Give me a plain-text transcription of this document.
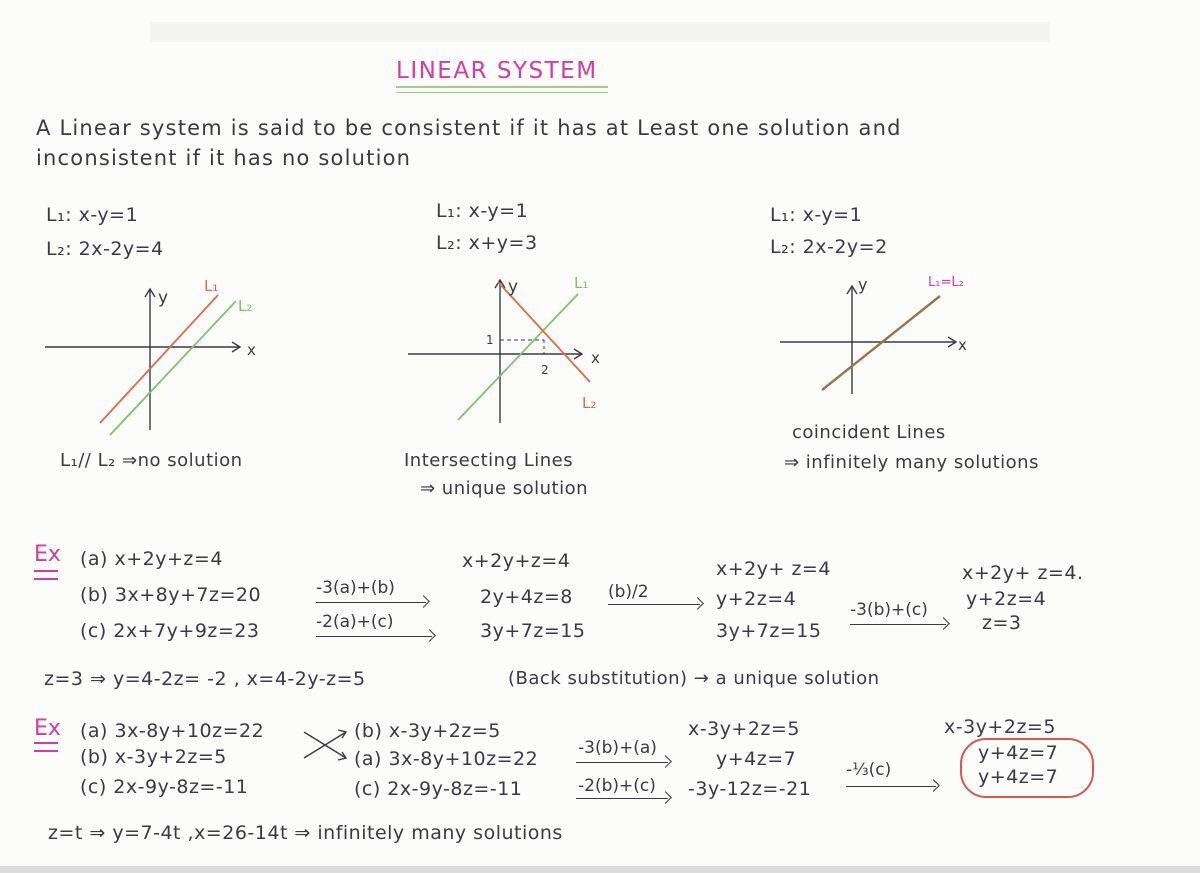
LINEAR SYSTEM
A Linear system is said to be consistent if it has at Least one solution and
inconsistent if it has no solution
L₁: x-y=1
L₂: 2x-2y=4
y
x
L₁
L₂
L₁// L₂ ⇒no solution
L₁: x-y=1
L₂: x+y=3
y
x
1
2
L₁
L₂
Intersecting Lines
⇒ unique solution
L₁: x-y=1
L₂: 2x-2y=2
y
x
L₁=L₂
coincident Lines
⇒ infinitely many solutions
Ex (a) x+2y+z=4
(b) 3x+8y+7z=20
(c) 2x+7y+9z=23
-3(a)+(b)
-2(a)+(c)
x+2y+z=4
2y+4z=8
3y+7z=15
(b)/2
x+2y+ z=4
y+2z=4
3y+7z=15
-3(b)+(c)
x+2y+ z=4.
y+2z=4
z=3
z=3 ⇒ y=4-2z= -2 , x=4-2y-z=5	(Back substitution) → a unique solution
Ex (a) 3x-8y+10z=22
(b) x-3y+2z=5
(c) 2x-9y-8z=-11
(b) x-3y+2z=5
(a) 3x-8y+10z=22
(c) 2x-9y-8z=-11
-3(b)+(a)
-2(b)+(c)
x-3y+2z=5
y+4z=7
-3y-12z=-21
-⅓(c)
x-3y+2z=5
y+4z=7
y+4z=7
z=t ⇒ y=7-4t ,x=26-14t ⇒ infinitely many solutions
